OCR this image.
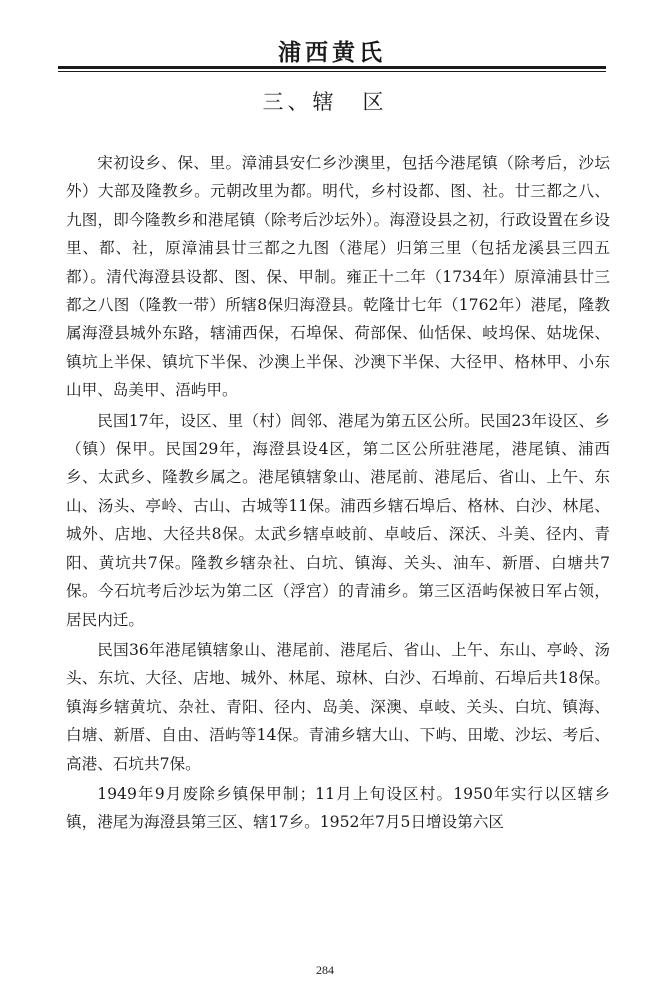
浦西黄氏
三、辖　区

宋初设乡、保、里。漳浦县安仁乡沙澳里，包括今港尾镇（除考后，沙坛外）大部及隆教乡。元朝改里为都。明代，乡村设都、图、社。廿三都之八、九图，即今隆教乡和港尾镇（除考后沙坛外）。海澄设县之初，行政设置在乡设里、都、社，原漳浦县廿三都之九图（港尾）归第三里（包括龙溪县三四五都）。清代海澄县设都、图、保、甲制。雍正十二年（1734年）原漳浦县廿三都之八图（隆教一带）所辖8保归海澄县。乾隆廿七年（1762年）港尾，隆教属海澄县城外东路，辖浦西保，石埠保、荷部保、仙恬保、岐坞保、姑垅保、镇坑上半保、镇坑下半保、沙澳上半保、沙澳下半保、大径甲、格林甲、小东山甲、岛美甲、浯屿甲。

民国17年，设区、里（村）闾邻、港尾为第五区公所。民国23年设区、乡（镇）保甲。民国29年，海澄县设4区，第二区公所驻港尾，港尾镇、浦西乡、太武乡、隆教乡属之。港尾镇辖象山、港尾前、港尾后、省山、上午、东山、汤头、亭岭、古山、古城等11保。浦西乡辖石埠后、格林、白沙、林尾、城外、店地、大径共8保。太武乡辖卓岐前、卓岐后、深沃、斗美、径内、青阳、黄坑共7保。隆教乡辖杂社、白坑、镇海、关头、油车、新厝、白塘共7保。今石坑考后沙坛为第二区（浮宫）的青浦乡。第三区浯屿保被日军占领，居民内迁。

民国36年港尾镇辖象山、港尾前、港尾后、省山、上午、东山、亭岭、汤头、东坑、大径、店地、城外、林尾、琼林、白沙、石埠前、石埠后共18保。镇海乡辖黄坑、杂社、青阳、径内、岛美、深澳、卓岐、关头、白坑、镇海、白塘、新厝、自由、浯屿等14保。青浦乡辖大山、下屿、田墘、沙坛、考后、高港、石坑共7保。

1949年9月废除乡镇保甲制；11月上旬设区村。1950年实行以区辖乡镇，港尾为海澄县第三区、辖17乡。1952年7月5日增设第六区

284
